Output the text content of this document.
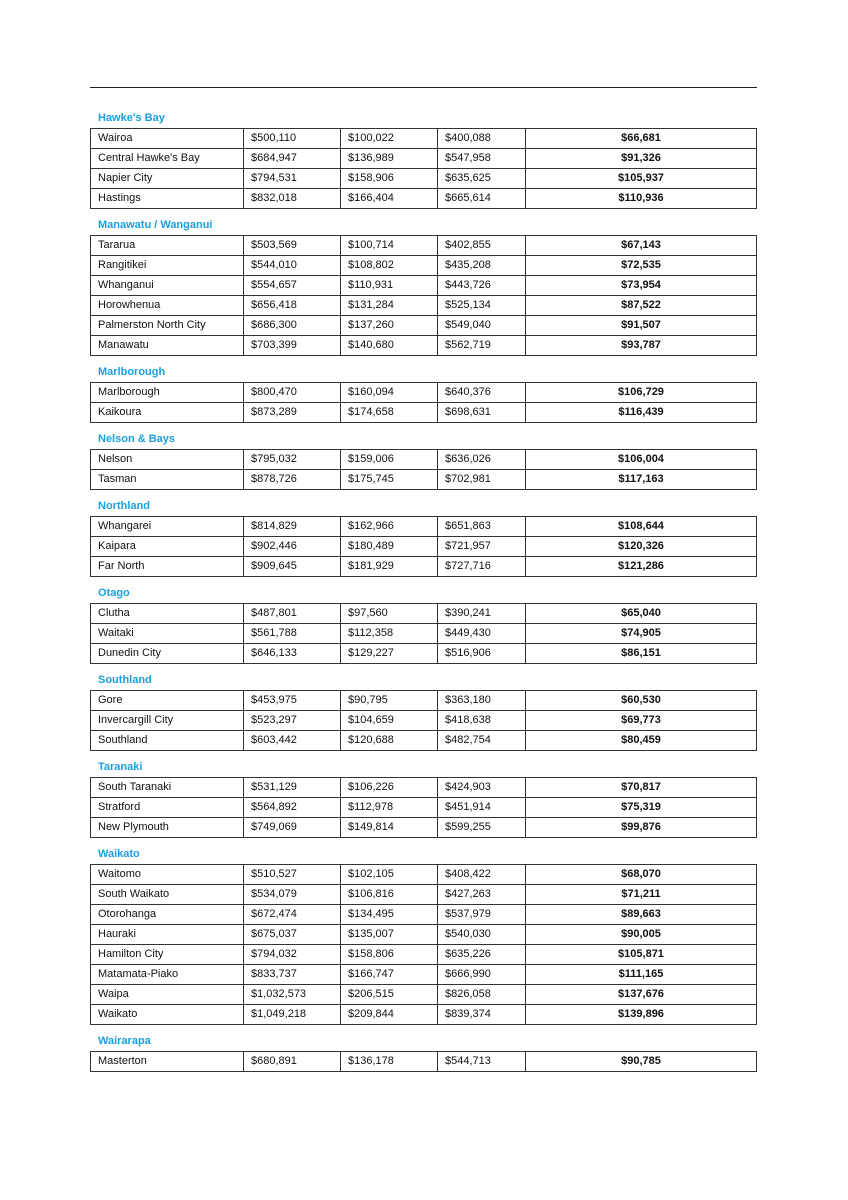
Hawke's Bay
Wairoa	$500,110	$100,022	$400,088	$66,681
Central Hawke's Bay	$684,947	$136,989	$547,958	$91,326
Napier City	$794,531	$158,906	$635,625	$105,937
Hastings	$832,018	$166,404	$665,614	$110,936
Manawatu / Wanganui
Tararua	$503,569	$100,714	$402,855	$67,143
Rangitikei	$544,010	$108,802	$435,208	$72,535
Whanganui	$554,657	$110,931	$443,726	$73,954
Horowhenua	$656,418	$131,284	$525,134	$87,522
Palmerston North City	$686,300	$137,260	$549,040	$91,507
Manawatu	$703,399	$140,680	$562,719	$93,787
Marlborough
Marlborough	$800,470	$160,094	$640,376	$106,729
Kaikoura	$873,289	$174,658	$698,631	$116,439
Nelson & Bays
Nelson	$795,032	$159,006	$636,026	$106,004
Tasman	$878,726	$175,745	$702,981	$117,163
Northland
Whangarei	$814,829	$162,966	$651,863	$108,644
Kaipara	$902,446	$180,489	$721,957	$120,326
Far North	$909,645	$181,929	$727,716	$121,286
Otago
Clutha	$487,801	$97,560	$390,241	$65,040
Waitaki	$561,788	$112,358	$449,430	$74,905
Dunedin City	$646,133	$129,227	$516,906	$86,151
Southland
Gore	$453,975	$90,795	$363,180	$60,530
Invercargill City	$523,297	$104,659	$418,638	$69,773
Southland	$603,442	$120,688	$482,754	$80,459
Taranaki
South Taranaki	$531,129	$106,226	$424,903	$70,817
Stratford	$564,892	$112,978	$451,914	$75,319
New Plymouth	$749,069	$149,814	$599,255	$99,876
Waikato
Waitomo	$510,527	$102,105	$408,422	$68,070
South Waikato	$534,079	$106,816	$427,263	$71,211
Otorohanga	$672,474	$134,495	$537,979	$89,663
Hauraki	$675,037	$135,007	$540,030	$90,005
Hamilton City	$794,032	$158,806	$635,226	$105,871
Matamata-Piako	$833,737	$166,747	$666,990	$111,165
Waipa	$1,032,573	$206,515	$826,058	$137,676
Waikato	$1,049,218	$209,844	$839,374	$139,896
Wairarapa
Masterton	$680,891	$136,178	$544,713	$90,785
